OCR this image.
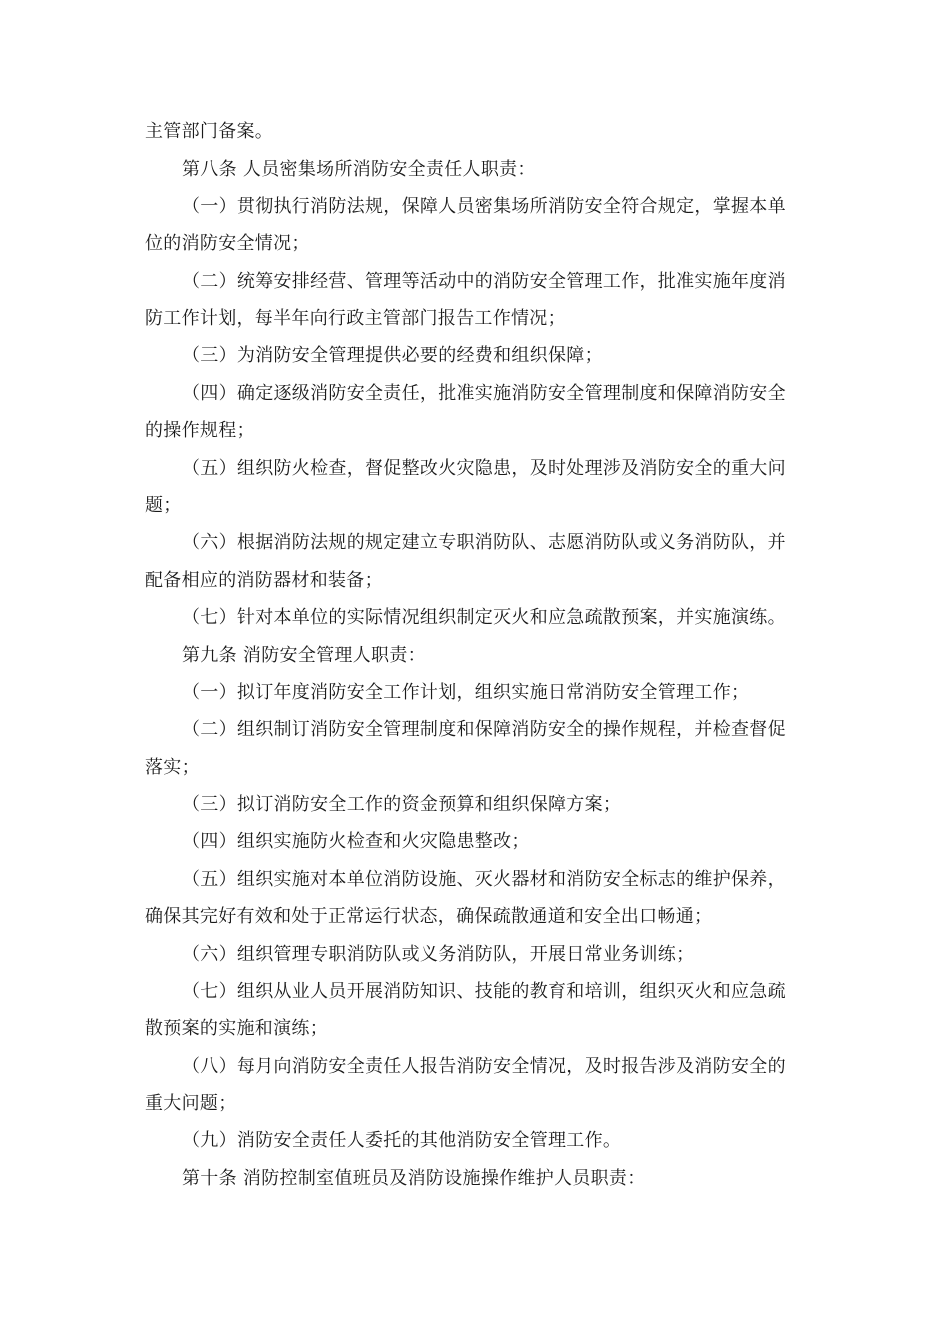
主管部门备案。
第八条 人员密集场所消防安全责任人职责：
（一）贯彻执行消防法规，保障人员密集场所消防安全符合规定，掌握本单
位的消防安全情况；
（二）统筹安排经营、管理等活动中的消防安全管理工作，批准实施年度消
防工作计划，每半年向行政主管部门报告工作情况；
（三）为消防安全管理提供必要的经费和组织保障；
（四）确定逐级消防安全责任，批准实施消防安全管理制度和保障消防安全
的操作规程；
（五）组织防火检查，督促整改火灾隐患，及时处理涉及消防安全的重大问
题；
（六）根据消防法规的规定建立专职消防队、志愿消防队或义务消防队，并
配备相应的消防器材和装备；
（七）针对本单位的实际情况组织制定灭火和应急疏散预案，并实施演练。
第九条 消防安全管理人职责：
（一）拟订年度消防安全工作计划，组织实施日常消防安全管理工作；
（二）组织制订消防安全管理制度和保障消防安全的操作规程，并检查督促
落实；
（三）拟订消防安全工作的资金预算和组织保障方案；
（四）组织实施防火检查和火灾隐患整改；
（五）组织实施对本单位消防设施、灭火器材和消防安全标志的维护保养，
确保其完好有效和处于正常运行状态，确保疏散通道和安全出口畅通；
（六）组织管理专职消防队或义务消防队，开展日常业务训练；
（七）组织从业人员开展消防知识、技能的教育和培训，组织灭火和应急疏
散预案的实施和演练；
（八）每月向消防安全责任人报告消防安全情况，及时报告涉及消防安全的
重大问题；
（九）消防安全责任人委托的其他消防安全管理工作。
第十条 消防控制室值班员及消防设施操作维护人员职责：
